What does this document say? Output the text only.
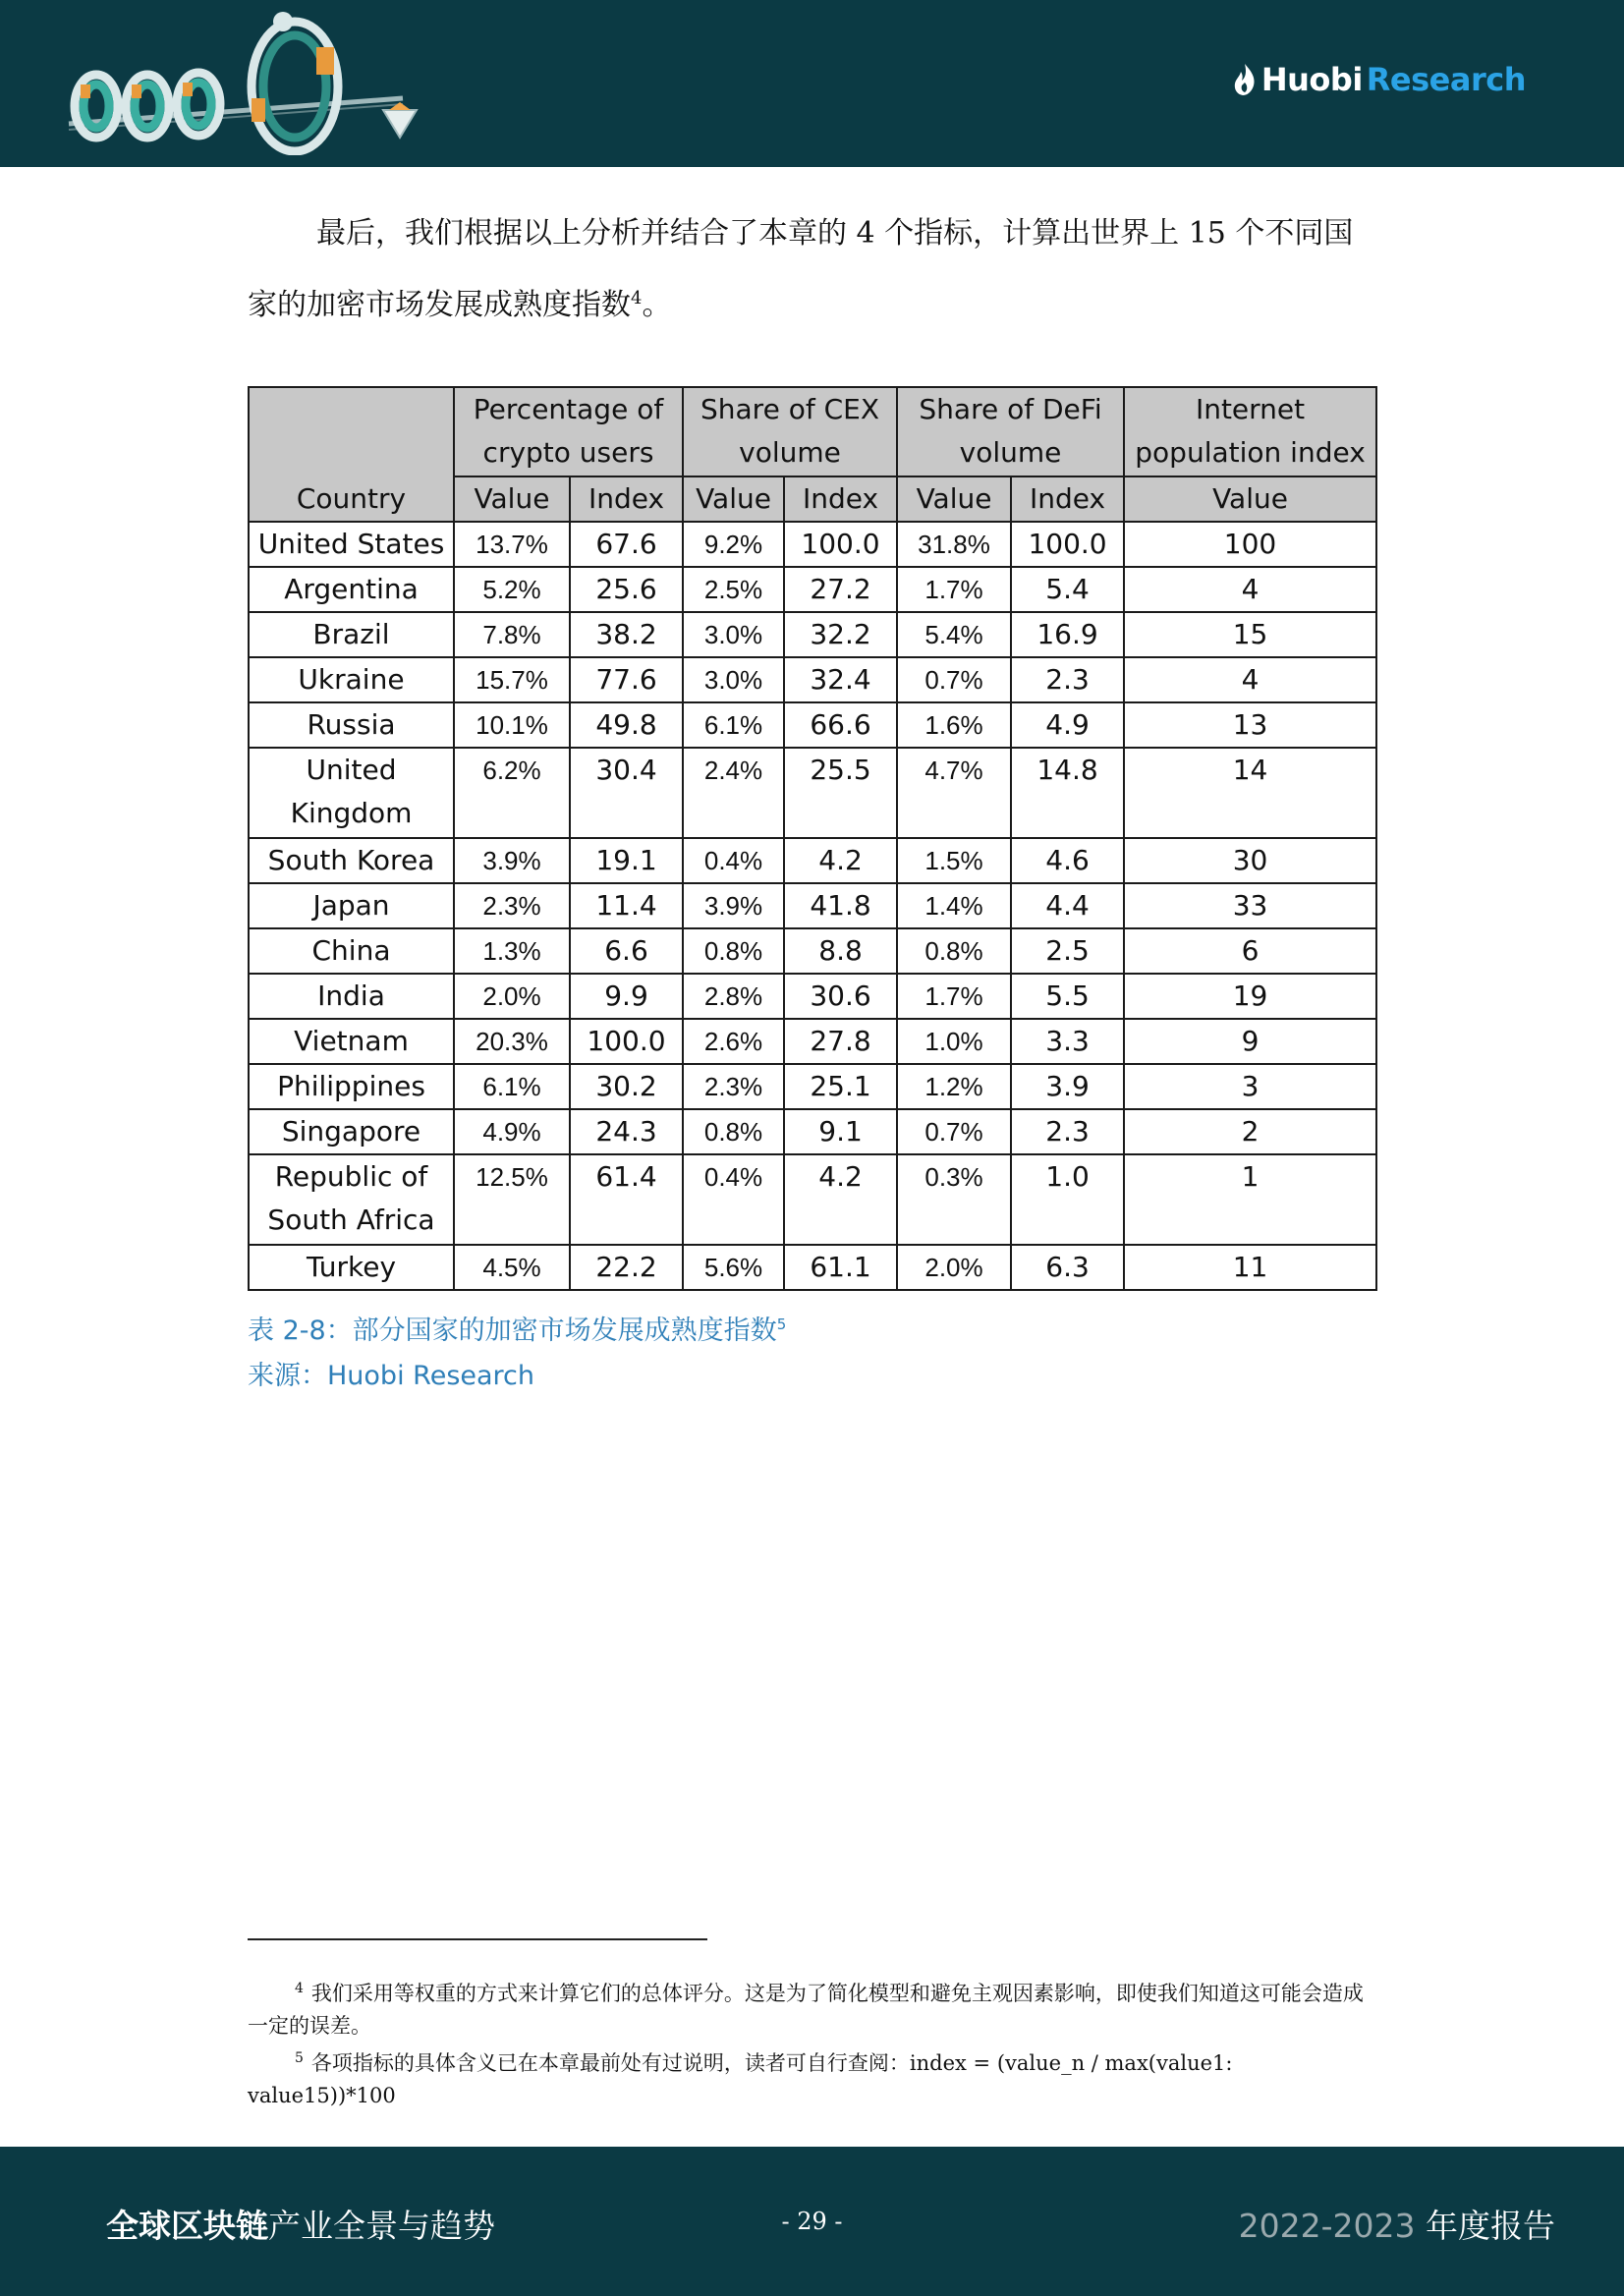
Huobi Research

最后，我们根据以上分析并结合了本章的 4 个指标，计算出世界上 15 个不同国家的加密市场发展成熟度指数$^4$。

Country	Percentage of crypto users		Share of CEX volume		Share of DeFi volume		Internet population index
	Value	Index	Value	Index	Value	Index	Value
United States	13.7%	67.6	9.2%	100.0	31.8%	100.0	100
Argentina	5.2%	25.6	2.5%	27.2	1.7%	5.4	4
Brazil	7.8%	38.2	3.0%	32.2	5.4%	16.9	15
Ukraine	15.7%	77.6	3.0%	32.4	0.7%	2.3	4
Russia	10.1%	49.8	6.1%	66.6	1.6%	4.9	13
United Kingdom	6.2%	30.4	2.4%	25.5	4.7%	14.8	14
South Korea	3.9%	19.1	0.4%	4.2	1.5%	4.6	30
Japan	2.3%	11.4	3.9%	41.8	1.4%	4.4	33
China	1.3%	6.6	0.8%	8.8	0.8%	2.5	6
India	2.0%	9.9	2.8%	30.6	1.7%	5.5	19
Vietnam	20.3%	100.0	2.6%	27.8	1.0%	3.3	9
Philippines	6.1%	30.2	2.3%	25.1	1.2%	3.9	3
Singapore	4.9%	24.3	0.8%	9.1	0.7%	2.3	2
Republic of South Africa	12.5%	61.4	0.4%	4.2	0.3%	1.0	1
Turkey	4.5%	22.2	5.6%	61.1	2.0%	6.3	11
表 2-8：部分国家的加密市场发展成熟度指数$^5$
来源：Huobi Research

$^4$ 我们采用等权重的方式来计算它们的总体评分。这是为了简化模型和避免主观因素影响，即使我们知道这可能会造成一定的误差。

$^5$ 各项指标的具体含义已在本章最前处有过说明，读者可自行查阅：index = (value_n / max(value1: value15))*100

全球区块链产业全景与趋势	- 29 -	2022-2023 年度报告
